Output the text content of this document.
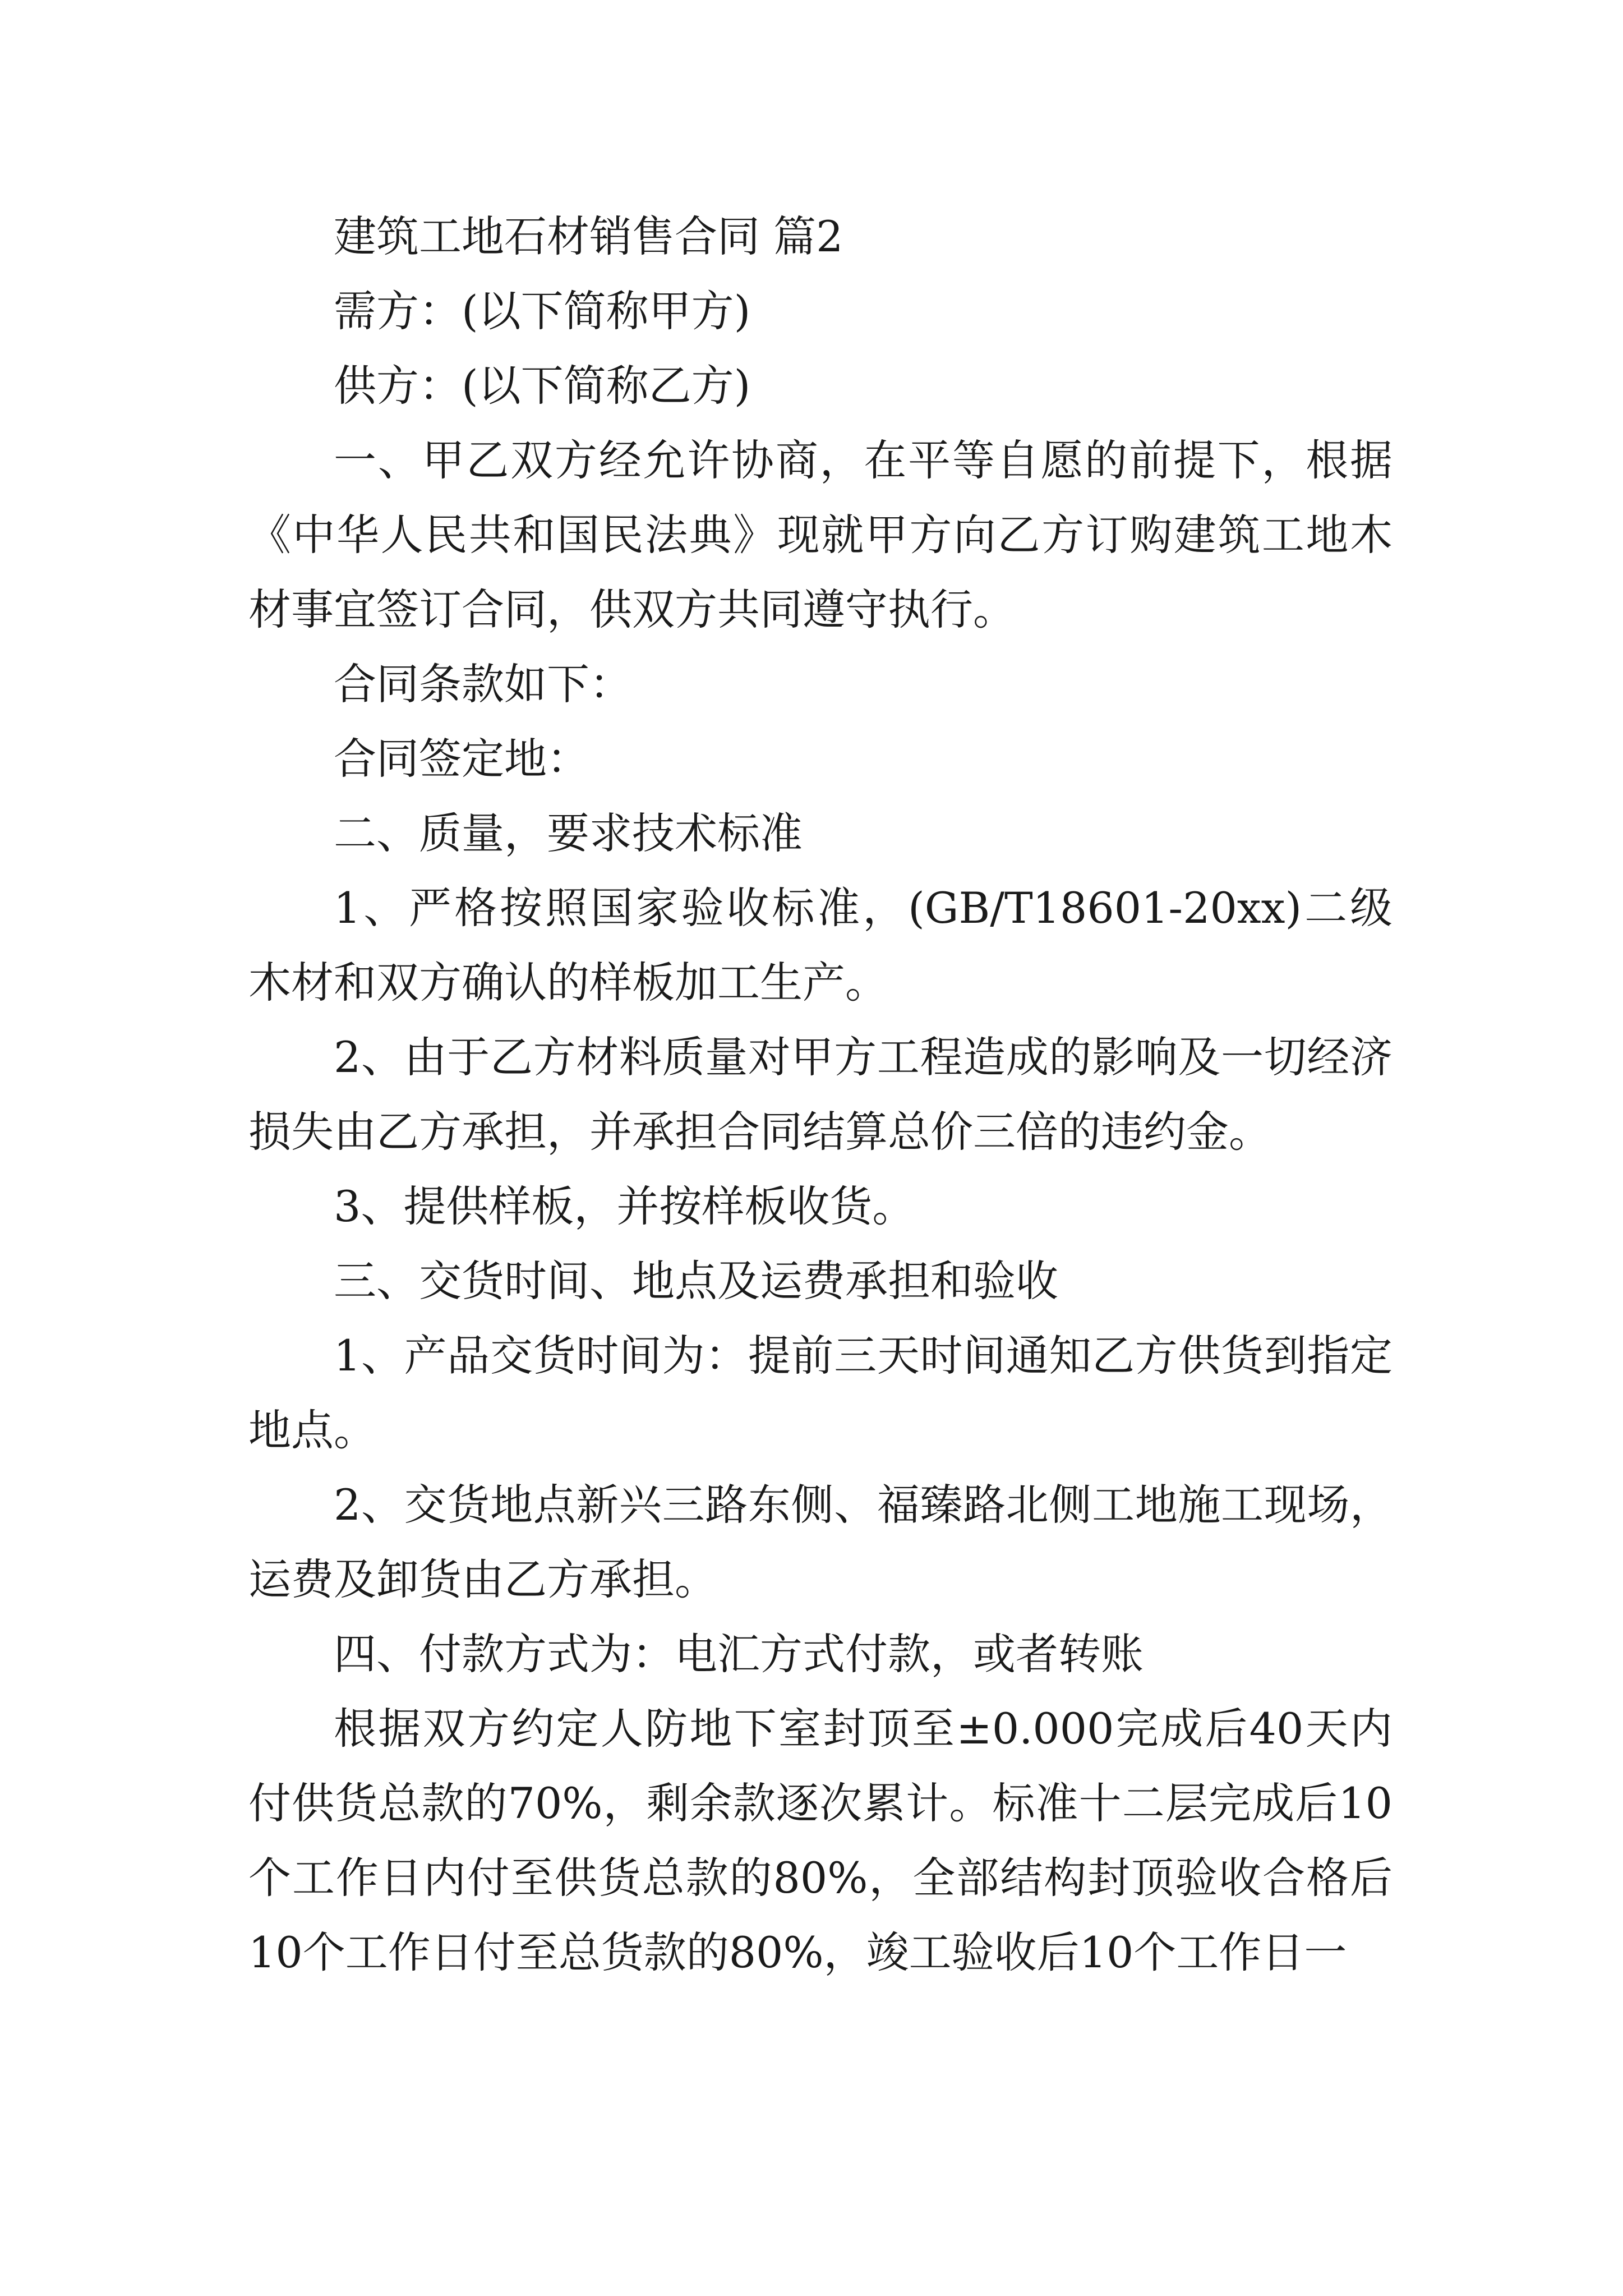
建筑工地石材销售合同 篇2

需方：(以下简称甲方)

供方：(以下简称乙方)

一、甲乙双方经允许协商，在平等自愿的前提下，根据《中华人民共和国民法典》现就甲方向乙方订购建筑工地木材事宜签订合同，供双方共同遵守执行。

合同条款如下：

合同签定地：

二、质量，要求技术标准

1、严格按照国家验收标准，(GB/T18601-20xx)二级木材和双方确认的样板加工生产。

2、由于乙方材料质量对甲方工程造成的影响及一切经济损失由乙方承担，并承担合同结算总价三倍的违约金。

3、提供样板，并按样板收货。

三、交货时间、地点及运费承担和验收

1、产品交货时间为：提前三天时间通知乙方供货到指定地点。

2、交货地点新兴三路东侧、福臻路北侧工地施工现场，运费及卸货由乙方承担。

四、付款方式为：电汇方式付款，或者转账

根据双方约定人防地下室封顶至±0.000完成后40天内付供货总款的70%，剩余款逐次累计。标准十二层完成后10个工作日内付至供货总款的80%，全部结构封顶验收合格后10个工作日付至总货款的80%，竣工验收后10个工作日一
